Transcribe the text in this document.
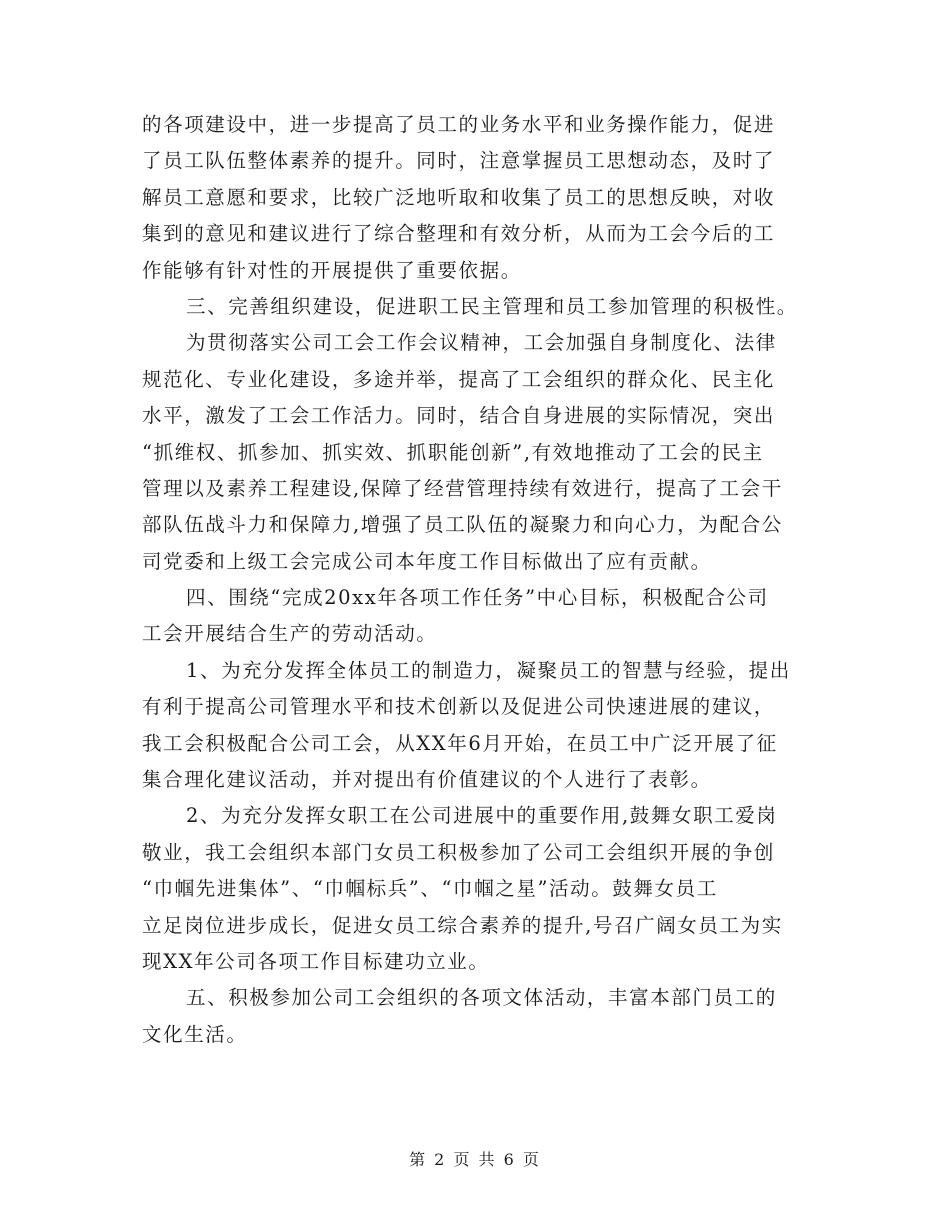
的各项建设中，进一步提高了员工的业务水平和业务操作能力，促进
了员工队伍整体素养的提升。同时，注意掌握员工思想动态，及时了
解员工意愿和要求，比较广泛地听取和收集了员工的思想反映，对收
集到的意见和建议进行了综合整理和有效分析，从而为工会今后的工
作能够有针对性的开展提供了重要依据。
三、完善组织建设，促进职工民主管理和员工参加管理的积极性。
为贯彻落实公司工会工作会议精神，工会加强自身制度化、法律
规范化、专业化建设，多途并举，提高了工会组织的群众化、民主化
水平，激发了工会工作活力。同时，结合自身进展的实际情况，突出
“抓维权、抓参加、抓实效、抓职能创新”,有效地推动了工会的民主
管理以及素养工程建设,保障了经营管理持续有效进行，提高了工会干
部队伍战斗力和保障力,增强了员工队伍的凝聚力和向心力，为配合公
司党委和上级工会完成公司本年度工作目标做出了应有贡献。
四、围绕“完成20xx年各项工作任务”中心目标，积极配合公司
工会开展结合生产的劳动活动。
1、为充分发挥全体员工的制造力，凝聚员工的智慧与经验，提出
有利于提高公司管理水平和技术创新以及促进公司快速进展的建议，
我工会积极配合公司工会，从XX年6月开始，在员工中广泛开展了征
集合理化建议活动，并对提出有价值建议的个人进行了表彰。
2、为充分发挥女职工在公司进展中的重要作用,鼓舞女职工爱岗
敬业，我工会组织本部门女员工积极参加了公司工会组织开展的争创
“巾帼先进集体”、“巾帼标兵”、“巾帼之星”活动。鼓舞女员工
立足岗位进步成长，促进女员工综合素养的提升,号召广阔女员工为实
现XX年公司各项工作目标建功立业。
五、积极参加公司工会组织的各项文体活动，丰富本部门员工的
文化生活。
第 2 页 共 6 页
